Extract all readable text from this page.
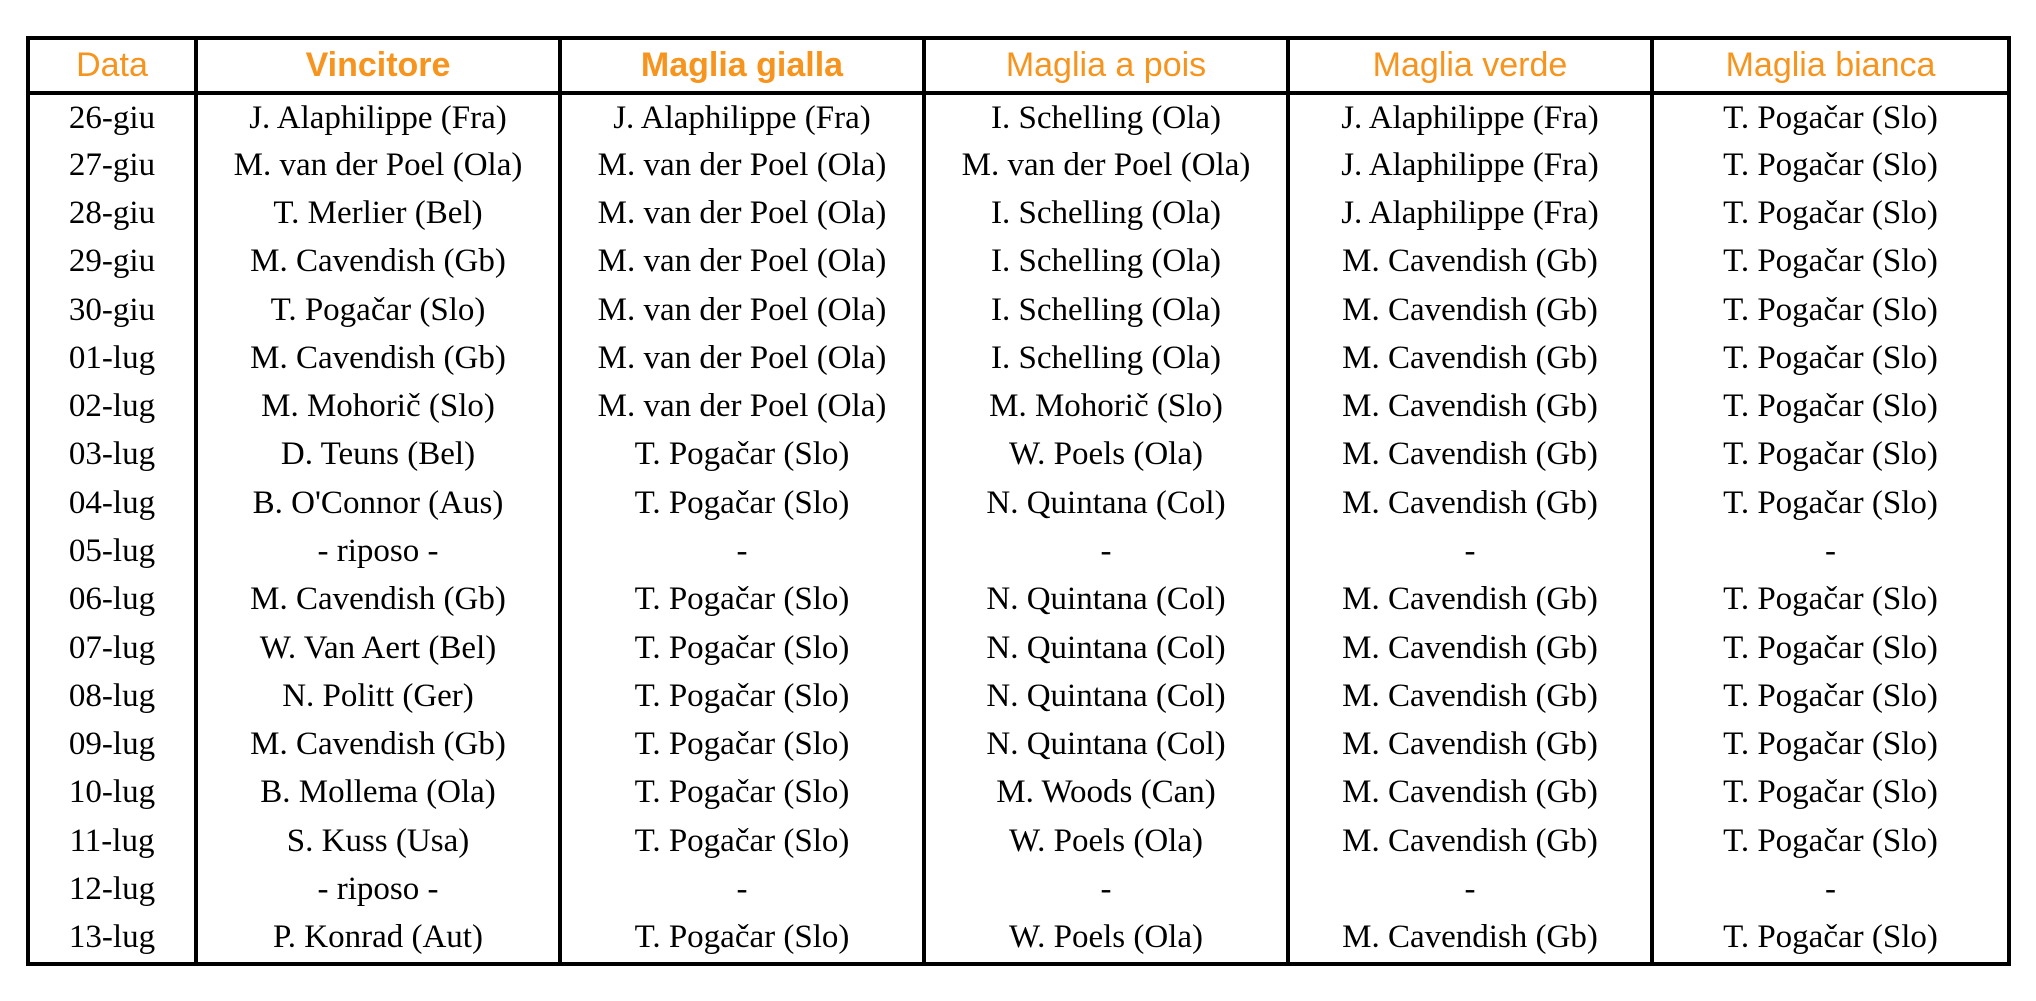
Data	Vincitore	Maglia gialla	Maglia a pois	Maglia verde	Maglia bianca
26-giu	J. Alaphilippe (Fra)	J. Alaphilippe (Fra)	I. Schelling (Ola)	J. Alaphilippe (Fra)	T. Pogačar (Slo)
27-giu	M. van der Poel (Ola)	M. van der Poel (Ola)	M. van der Poel (Ola)	J. Alaphilippe (Fra)	T. Pogačar (Slo)
28-giu	T. Merlier (Bel)	M. van der Poel (Ola)	I. Schelling (Ola)	J. Alaphilippe (Fra)	T. Pogačar (Slo)
29-giu	M. Cavendish (Gb)	M. van der Poel (Ola)	I. Schelling (Ola)	M. Cavendish (Gb)	T. Pogačar (Slo)
30-giu	T. Pogačar (Slo)	M. van der Poel (Ola)	I. Schelling (Ola)	M. Cavendish (Gb)	T. Pogačar (Slo)
01-lug	M. Cavendish (Gb)	M. van der Poel (Ola)	I. Schelling (Ola)	M. Cavendish (Gb)	T. Pogačar (Slo)
02-lug	M. Mohorič (Slo)	M. van der Poel (Ola)	M. Mohorič (Slo)	M. Cavendish (Gb)	T. Pogačar (Slo)
03-lug	D. Teuns (Bel)	T. Pogačar (Slo)	W. Poels (Ola)	M. Cavendish (Gb)	T. Pogačar (Slo)
04-lug	B. O'Connor (Aus)	T. Pogačar (Slo)	N. Quintana (Col)	M. Cavendish (Gb)	T. Pogačar (Slo)
05-lug	- riposo -	-	-	-	-
06-lug	M. Cavendish (Gb)	T. Pogačar (Slo)	N. Quintana (Col)	M. Cavendish (Gb)	T. Pogačar (Slo)
07-lug	W. Van Aert (Bel)	T. Pogačar (Slo)	N. Quintana (Col)	M. Cavendish (Gb)	T. Pogačar (Slo)
08-lug	N. Politt (Ger)	T. Pogačar (Slo)	N. Quintana (Col)	M. Cavendish (Gb)	T. Pogačar (Slo)
09-lug	M. Cavendish (Gb)	T. Pogačar (Slo)	N. Quintana (Col)	M. Cavendish (Gb)	T. Pogačar (Slo)
10-lug	B. Mollema (Ola)	T. Pogačar (Slo)	M. Woods (Can)	M. Cavendish (Gb)	T. Pogačar (Slo)
11-lug	S. Kuss (Usa)	T. Pogačar (Slo)	W. Poels (Ola)	M. Cavendish (Gb)	T. Pogačar (Slo)
12-lug	- riposo -	-	-	-	-
13-lug	P. Konrad (Aut)	T. Pogačar (Slo)	W. Poels (Ola)	M. Cavendish (Gb)	T. Pogačar (Slo)
